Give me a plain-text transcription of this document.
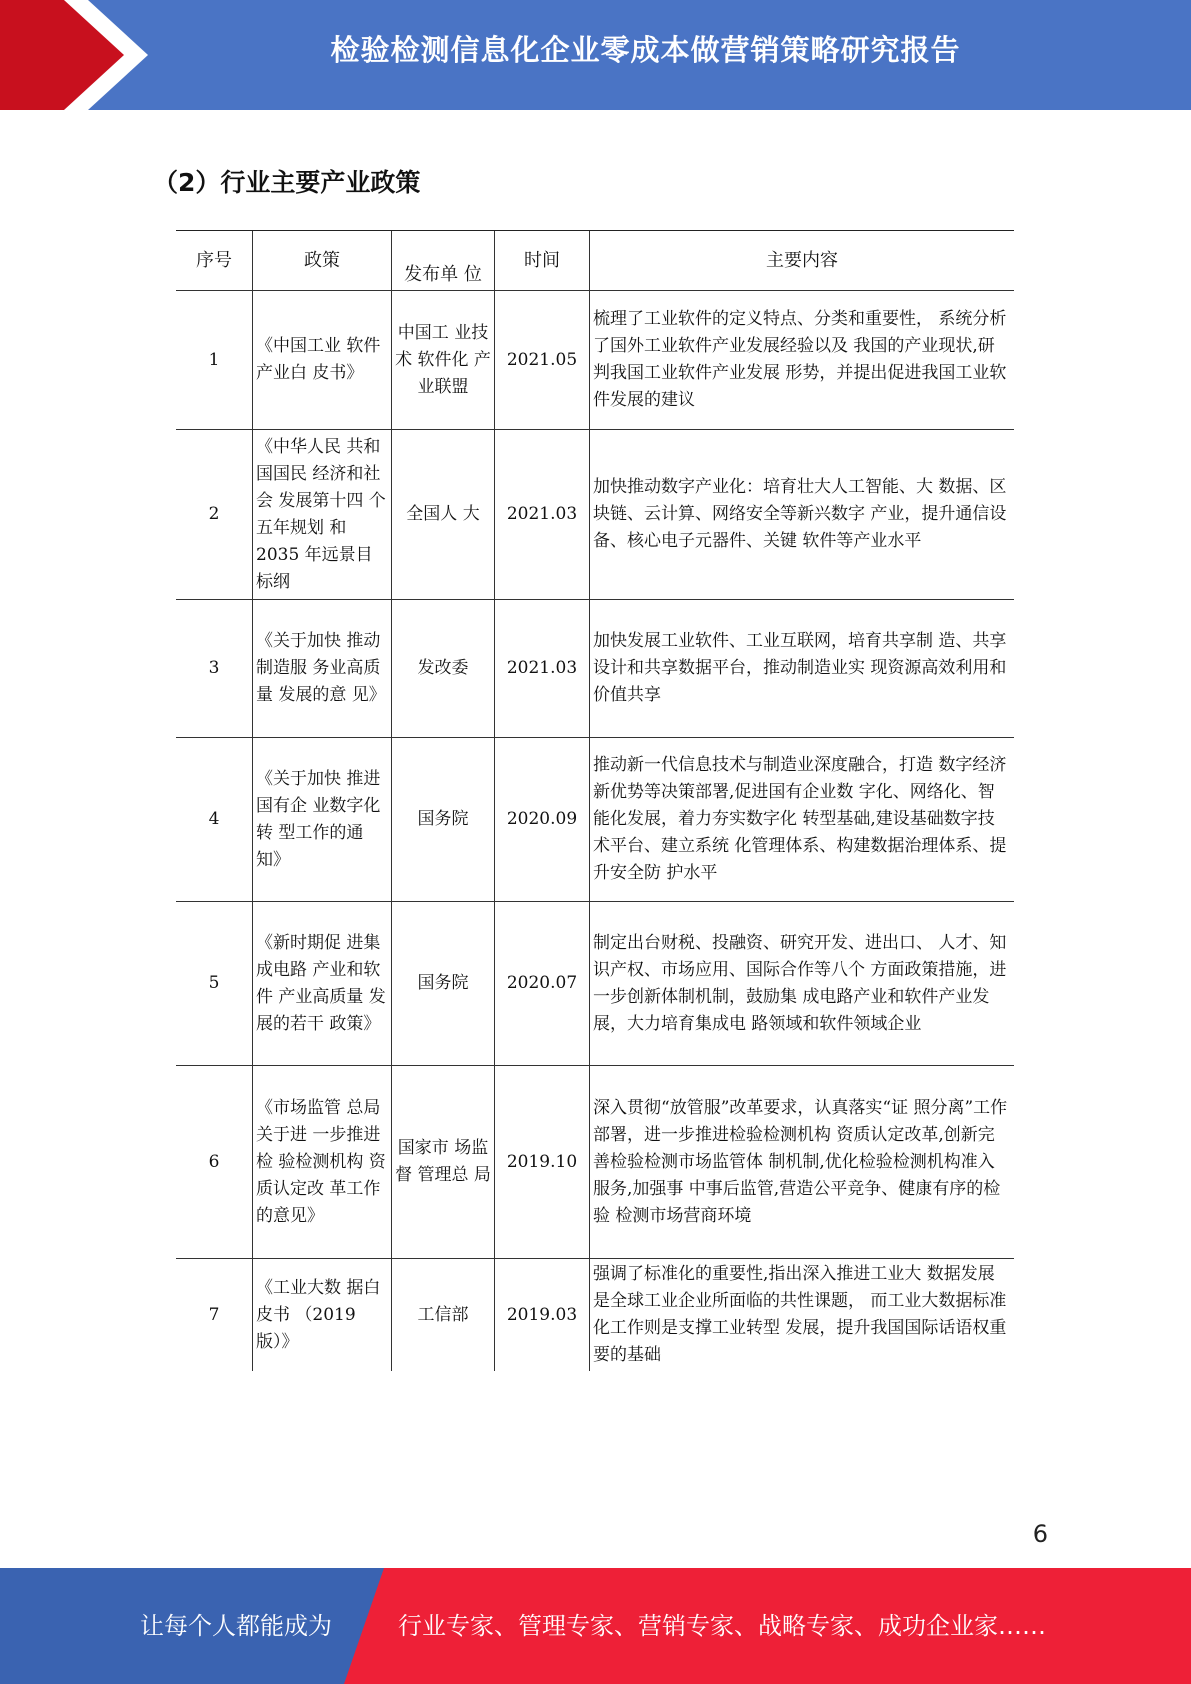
检验检测信息化企业零成本做营销策略研究报告
（2）行业主要产业政策
序号	政策	发布单 位	时间	主要内容
1	《中国工业 软件产业白 皮书》	中国工 业技术 软件化 产业联盟	2021.05	梳理了工业软件的定义特点、分类和重要性， 系统分析了国外工业软件产业发展经验以及 我国的产业现状,研判我国工业软件产业发展 形势，并提出促进我国工业软件发展的建议
2	《中华人民 共和国国民 经济和社会 发展第十四 个五年规划 和 2035 年远景目标纲	全国人 大	2021.03	加快推动数字产业化：培育壮大人工智能、大 数据、区块链、云计算、网络安全等新兴数字 产业，提升通信设备、核心电子元器件、关键 软件等产业水平
3	《关于加快 推动制造服 务业高质量 发展的意 见》	发改委	2021.03	加快发展工业软件、工业互联网，培育共享制 造、共享设计和共享数据平台，推动制造业实 现资源高效利用和价值共享
4	《关于加快 推进国有企 业数字化转 型工作的通 知》	国务院	2020.09	推动新一代信息技术与制造业深度融合，打造 数字经济新优势等决策部署,促进国有企业数 字化、网络化、智能化发展，着力夯实数字化 转型基础,建设基础数字技术平台、建立系统 化管理体系、构建数据治理体系、提升安全防 护水平
5	《新时期促 进集成电路 产业和软件 产业高质量 发展的若干 政策》	国务院	2020.07	制定出台财税、投融资、研究开发、进出口、 人才、知识产权、市场应用、国际合作等八个 方面政策措施，进一步创新体制机制，鼓励集 成电路产业和软件产业发展，大力培育集成电 路领域和软件领域企业
6	《市场监管 总局关于进 一步推进检 验检测机构 资质认定改 革工作的意见》	国家市 场监督 管理总 局	2019.10	深入贯彻“放管服”改革要求，认真落实“证 照分离”工作部署，进一步推进检验检测机构 资质认定改革,创新完善检验检测市场监管体 制机制,优化检验检测机构准入服务,加强事 中事后监管,营造公平竞争、健康有序的检验 检测市场营商环境
7	《工业大数 据白皮书 （2019 版）》	工信部	2019.03	强调了标准化的重要性,指出深入推进工业大 数据发展是全球工业企业所面临的共性课题， 而工业大数据标准化工作则是支撑工业转型 发展，提升我国国际话语权重要的基础
6
让每个人都能成为	行业专家、管理专家、营销专家、战略专家、成功企业家……
